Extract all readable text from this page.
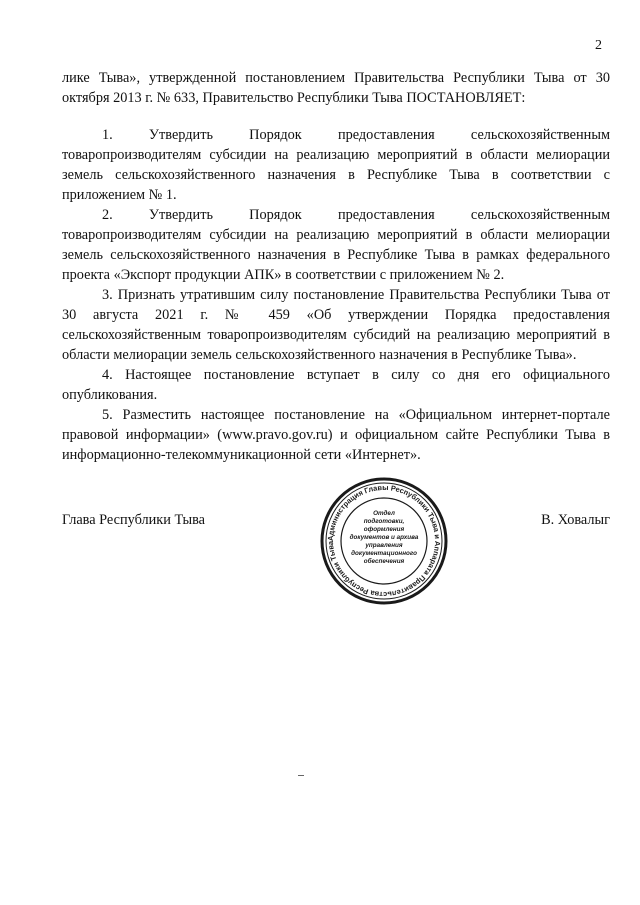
2

лике Тыва», утвержденной постановлением Правительства Республики Тыва от 30 октября 2013 г. № 633, Правительство Республики Тыва ПОСТАНОВЛЯЕТ:

1. Утвердить Порядок предоставления сельскохозяйственным товаропроизводителям субсидии на реализацию мероприятий в области мелиорации земель сельскохозяйственного назначения в Республике Тыва в соответствии с приложением № 1.

2. Утвердить Порядок предоставления сельскохозяйственным товаропроизводителям субсидии на реализацию мероприятий в области мелиорации земель сельскохозяйственного назначения в Республике Тыва в рамках федерального проекта «Экспорт продукции АПК» в соответствии с приложением № 2.

3. Признать утратившим силу постановление Правительства Республики Тыва от 30 августа 2021 г. № 459 «Об утверждении Порядка предоставления сельскохозяйственным товаропроизводителям субсидий на реализацию мероприятий в области мелиорации земель сельскохозяйственного назначения в Республике Тыва».

4. Настоящее постановление вступает в силу со дня его официального опубликования.

5. Разместить настоящее постановление на «Официальном интернет-портале правовой информации» (www.pravo.gov.ru) и официальном сайте Республики Тыва в информационно-телекоммуникационной сети «Интернет».

Глава Республики Тыва	В. Ховалыг
Администрация Главы Республики Тыва и Аппарата Правительства Республики Тыва
Отдел
подготовки,
оформления
документов и архива
управления
документационного
обеспечения
